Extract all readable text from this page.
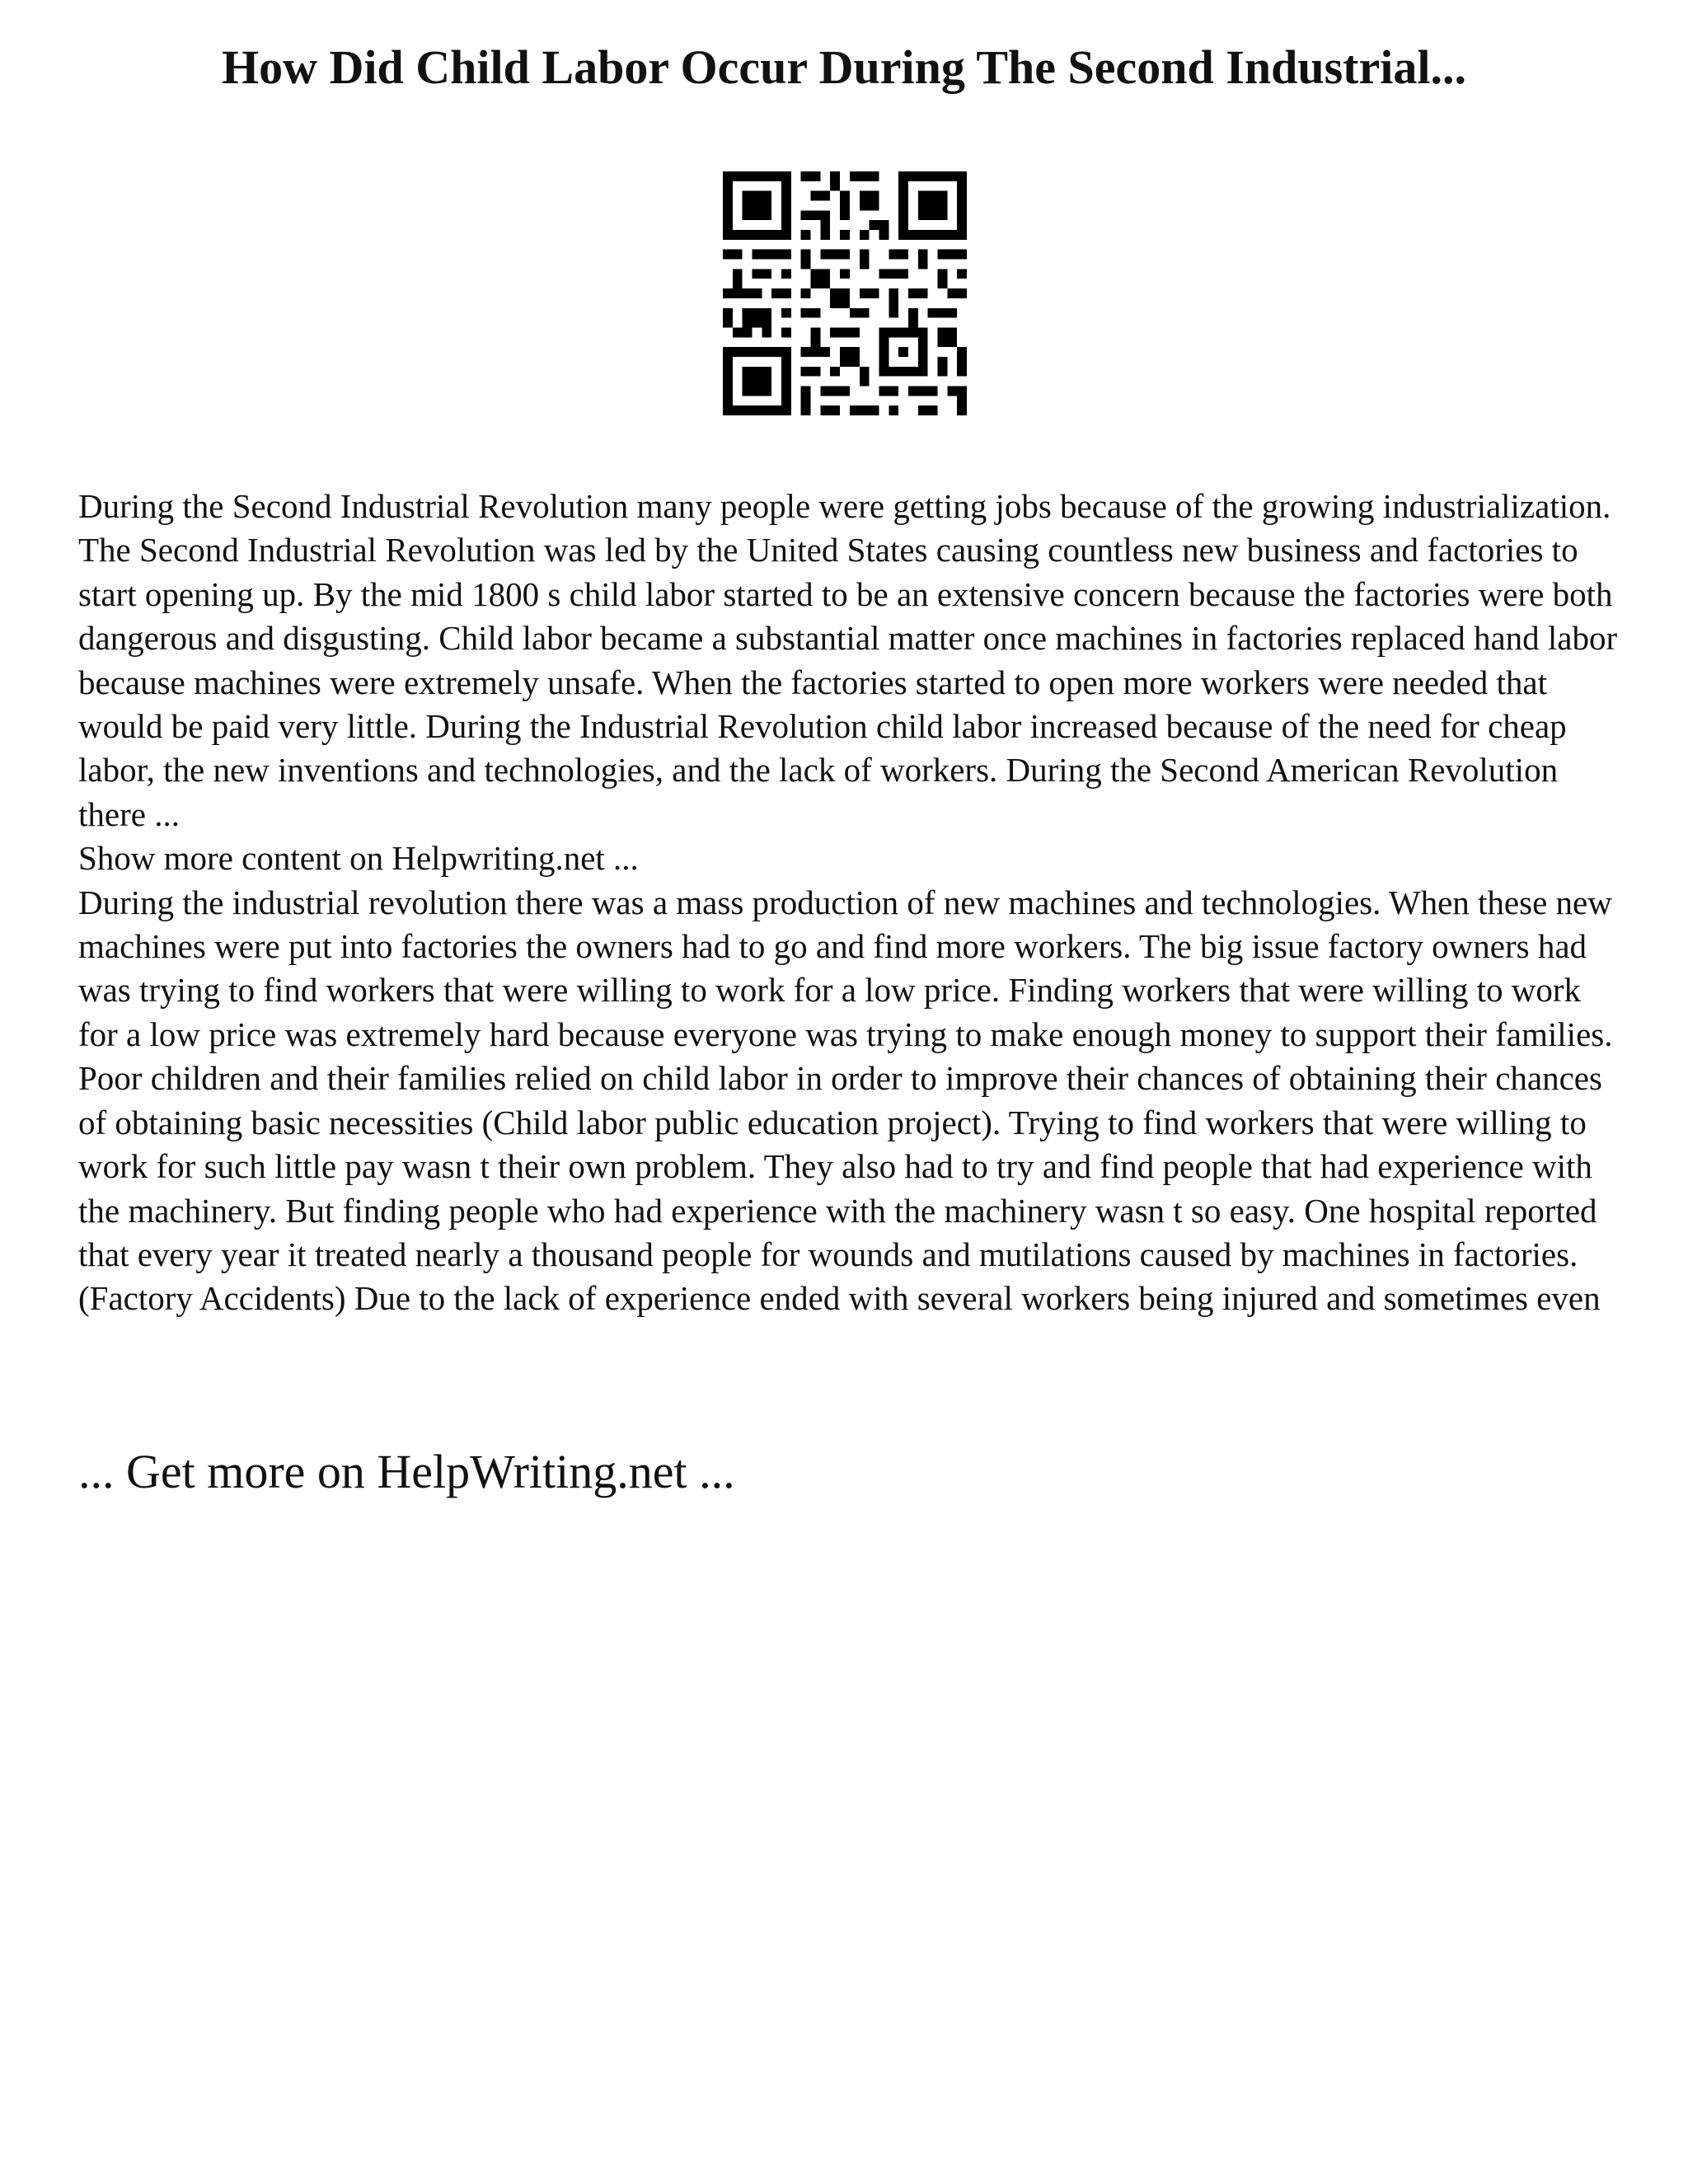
How Did Child Labor Occur During The Second Industrial...

During the Second Industrial Revolution many people were getting jobs because of the growing industrialization. The Second Industrial Revolution was led by the United States causing countless new business and factories to start opening up. By the mid 1800 s child labor started to be an extensive concern because the factories were both dangerous and disgusting. Child labor became a substantial matter once machines in factories replaced hand labor because machines were extremely unsafe. When the factories started to open more workers were needed that would be paid very little. During the Industrial Revolution child labor increased because of the need for cheap labor, the new inventions and technologies, and the lack of workers. During the Second American Revolution there ...

Show more content on Helpwriting.net ...

During the industrial revolution there was a mass production of new machines and technologies. When these new machines were put into factories the owners had to go and find more workers. The big issue factory owners had was trying to find workers that were willing to work for a low price. Finding workers that were willing to work for a low price was extremely hard because everyone was trying to make enough money to support their families. Poor children and their families relied on child labor in order to improve their chances of obtaining their chances of obtaining basic necessities (Child labor public education project). Trying to find workers that were willing to work for such little pay wasn t their own problem. They also had to try and find people that had experience with the machinery. But finding people who had experience with the machinery wasn t so easy. One hospital reported that every year it treated nearly a thousand people for wounds and mutilations caused by machines in factories. (Factory Accidents) Due to the lack of experience ended with several workers being injured and sometimes even

... Get more on HelpWriting.net ...
